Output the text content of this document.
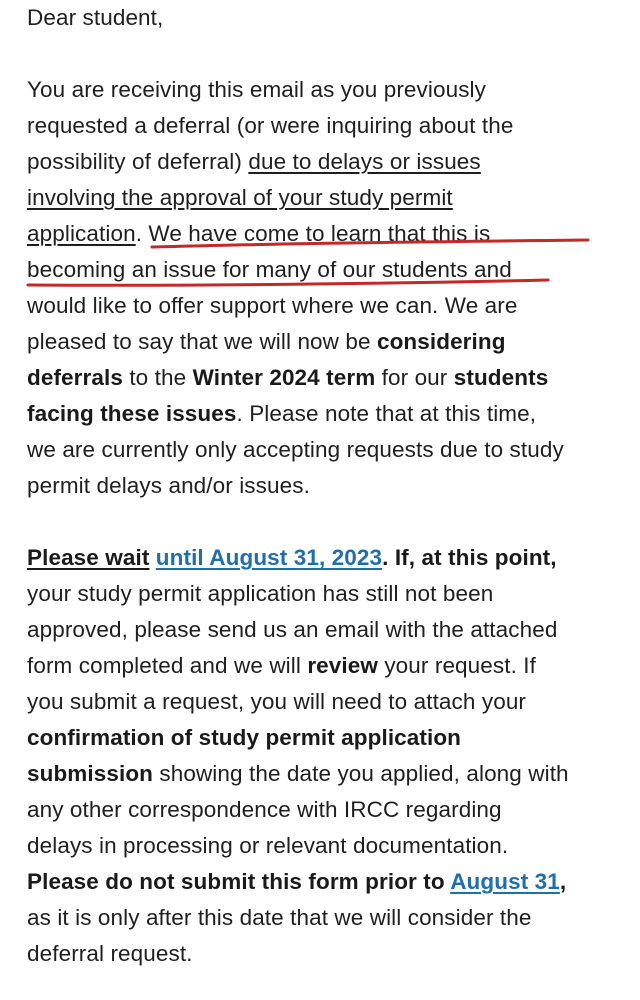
Dear student,
You are receiving this email as you previously
requested a deferral (or were inquiring about the
possibility of deferral) due to delays or issues
involving the approval of your study permit
application. We have come to learn that this is
becoming an issue for many of our students and
would like to offer support where we can. We are
pleased to say that we will now be considering
deferrals to the Winter 2024 term for our students
facing these issues. Please note that at this time,
we are currently only accepting requests due to study
permit delays and/or issues.
Please wait until August 31, 2023. If, at this point,
your study permit application has still not been
approved, please send us an email with the attached
form completed and we will review your request. If
you submit a request, you will need to attach your
confirmation of study permit application
submission showing the date you applied, along with
any other correspondence with IRCC regarding
delays in processing or relevant documentation.
Please do not submit this form prior to August 31,
as it is only after this date that we will consider the
deferral request.
